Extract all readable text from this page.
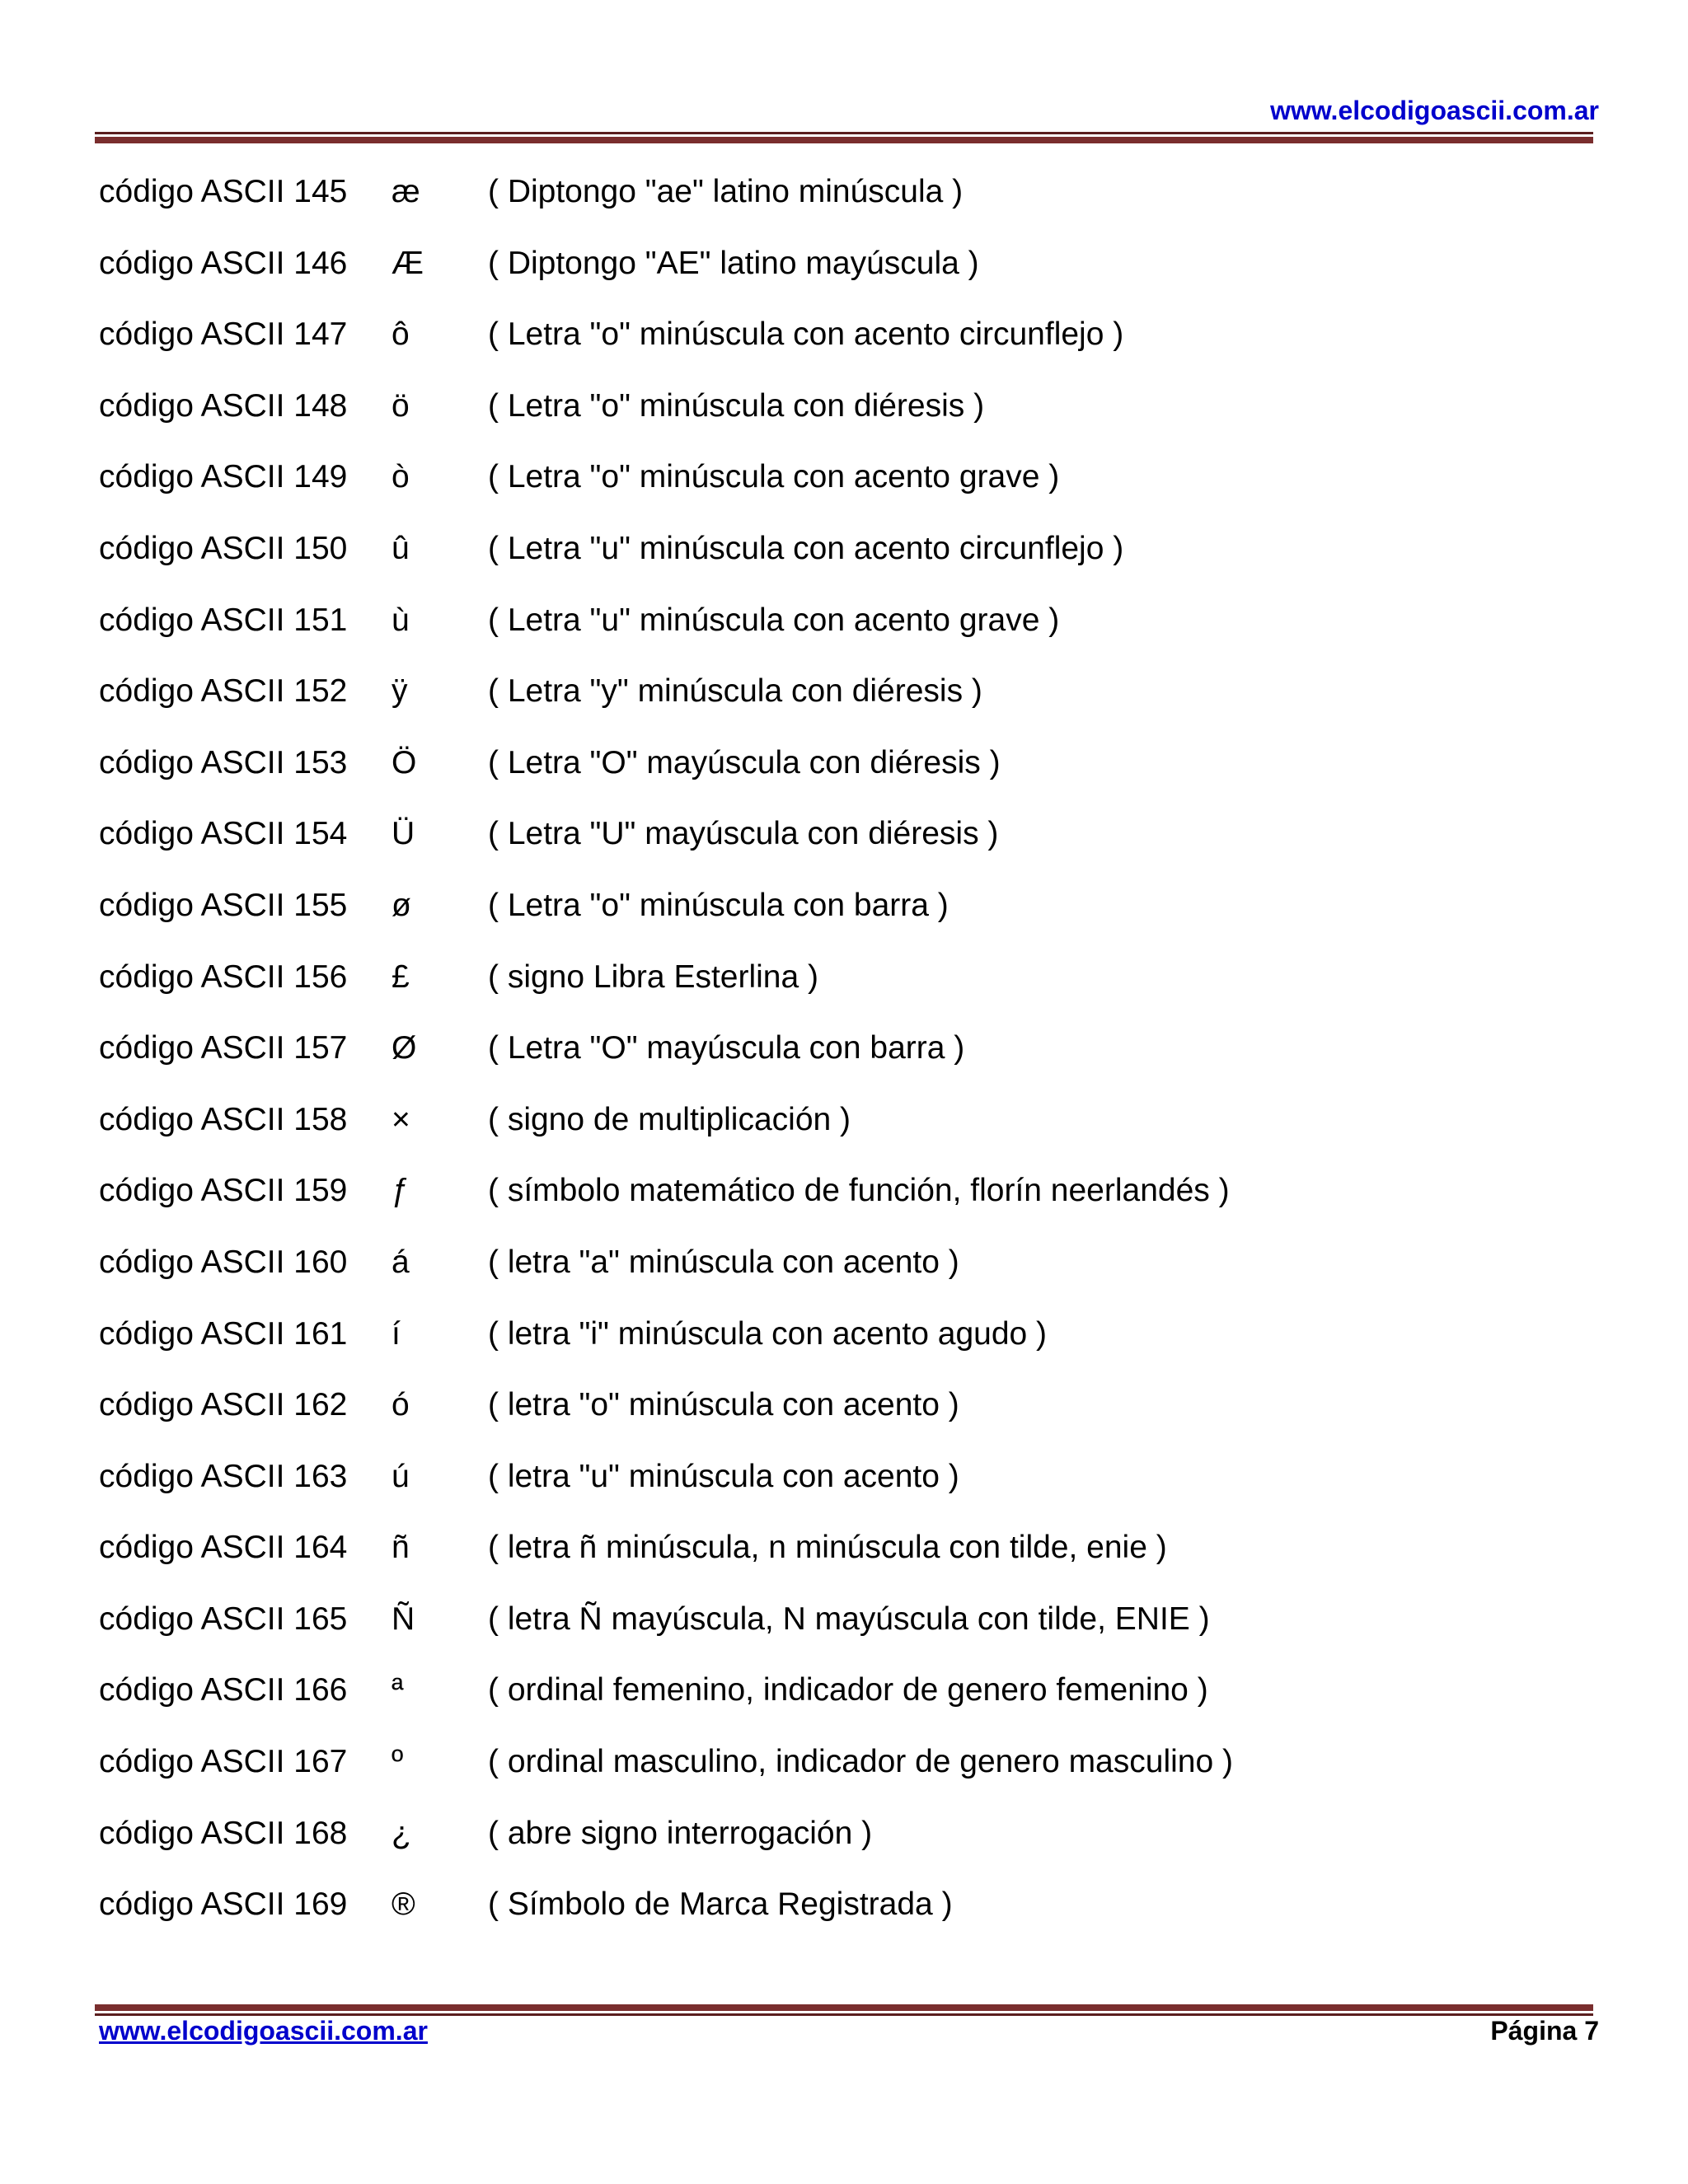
www.elcodigoascii.com.ar
código ASCII 145 æ ( Diptongo "ae" latino minúscula )
código ASCII 146 Æ ( Diptongo "AE" latino mayúscula )
código ASCII 147 ô ( Letra "o" minúscula con acento circunflejo )
código ASCII 148 ö ( Letra "o" minúscula con diéresis )
código ASCII 149 ò ( Letra "o" minúscula con acento grave )
código ASCII 150 û ( Letra "u" minúscula con acento circunflejo )
código ASCII 151 ù ( Letra "u" minúscula con acento grave )
código ASCII 152 ÿ	( Letra "y" minúscula con diéresis )
código ASCII 153 Ö ( Letra "O" mayúscula con diéresis )
código ASCII 154 Ü ( Letra "U" mayúscula con diéresis )
código ASCII 155 ø ( Letra "o" minúscula con barra )
código ASCII 156 £ ( signo Libra Esterlina )
código ASCII 157 Ø ( Letra "O" mayúscula con barra )
código ASCII 158 × ( signo de multiplicación )
código ASCII 159 ƒ ( símbolo matemático de función, florín neerlandés )
código ASCII 160 á ( letra "a" minúscula con acento )
código ASCII 161 í	( letra "i" minúscula con acento agudo )
código ASCII 162 ó ( letra "o" minúscula con acento )
código ASCII 163 ú ( letra "u" minúscula con acento )
código ASCII 164 ñ ( letra ñ minúscula, n minúscula con tilde, enie )
código ASCII 165 Ñ ( letra Ñ mayúscula, N mayúscula con tilde, ENIE )
código ASCII 166 ª	( ordinal femenino, indicador de genero femenino )
código ASCII 167 º	( ordinal masculino, indicador de genero masculino )
código ASCII 168 ¿ ( abre signo interrogación )
código ASCII 169 ® ( Símbolo de Marca Registrada )
www.elcodigoascii.com.ar	Página 7
